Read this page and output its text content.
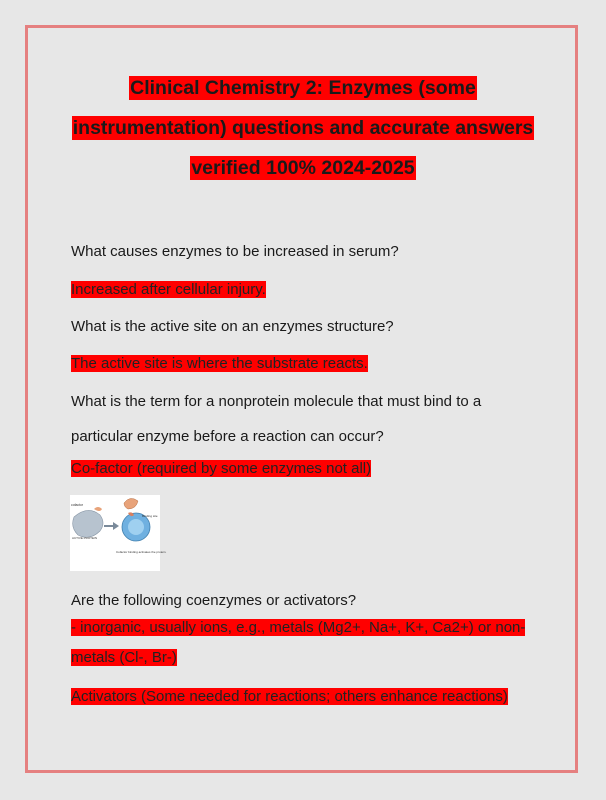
Clinical Chemistry 2: Enzymes (some
instrumentation) questions and accurate answers
verified 100% 2024-2025
What causes enzymes to be increased in serum?
Increased after cellular injury.
What is the active site on an enzymes structure?
The active site is where the substrate reacts.
What is the term for a nonprotein molecule that must bind to a
particular enzyme before a reaction can occur?
Co-factor (required by some enzymes not all)
cofactor
ACTIVE PROTEIN
Binding site
Cofactor binding activates the protein.
Are the following coenzymes or activators?
- inorganic, usually ions, e.g., metals (Mg2+, Na+, K+, Ca2+) or non-
metals (Cl-, Br-)
Activators (Some needed for reactions; others enhance reactions)
